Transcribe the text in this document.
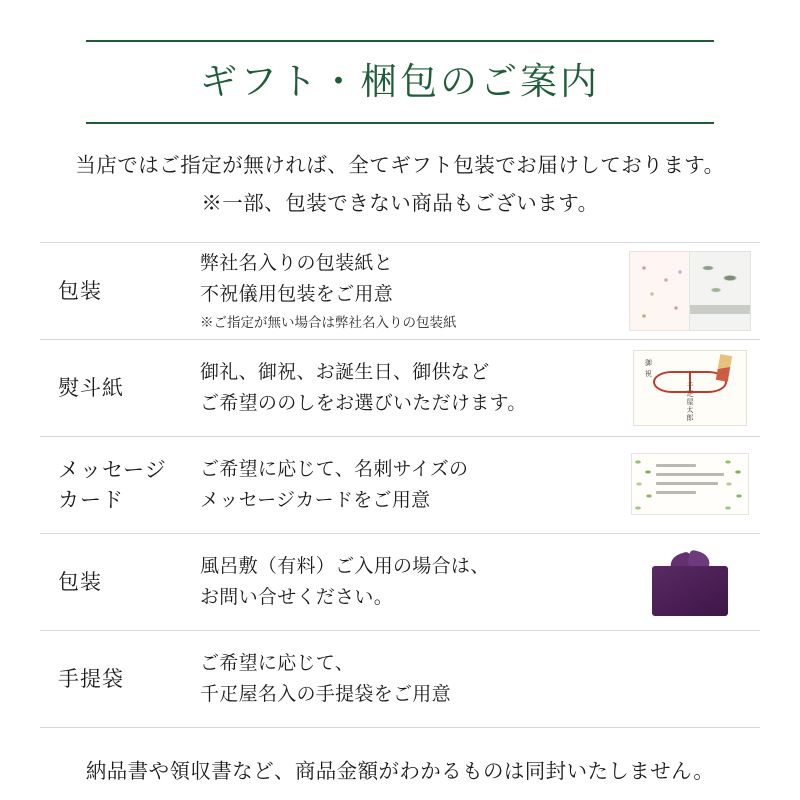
ギフト・梱包のご案内
当店ではご指定が無ければ、全てギフト包装でお届けしております。
※一部、包装できない商品もございます。
包装
弊社名入りの包装紙と
不祝儀用包装をご用意
※ご指定が無い場合は弊社名入りの包装紙
熨斗紙
御礼、御祝、お誕生日、御供など
ご希望ののしをお選びいただけます。
御 祝
千疋屋太郎
メッセージ
カード
ご希望に応じて、名刺サイズの
メッセージカードをご用意
包装
風呂敷（有料）ご入用の場合は、
お問い合せください。
手提袋
ご希望に応じて、
千疋屋名入の手提袋をご用意
納品書や領収書など、商品金額がわかるものは同封いたしません。
